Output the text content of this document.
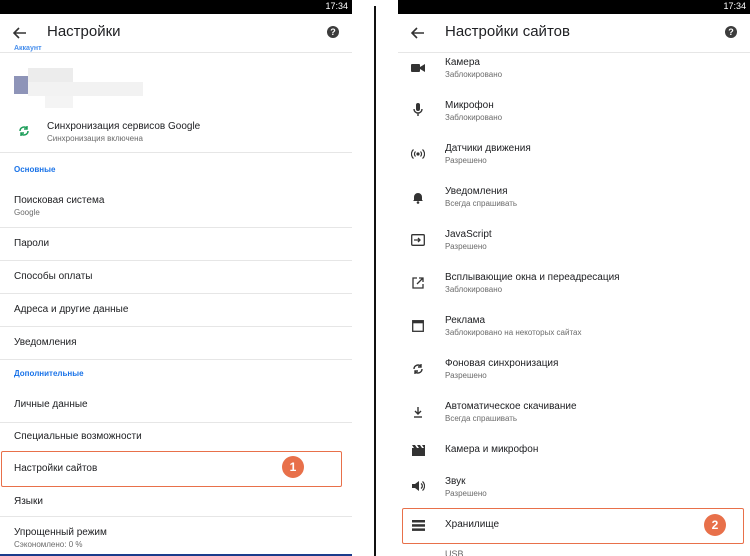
17:34
Настройки	?
Аккаунт
Синхронизация сервисов Google
Синхронизация включена
Основные
Поисковая система
Google
Пароли
Способы оплаты
Адреса и другие данные
Уведомления
Дополнительные
Личные данные
Специальные возможности
Настройки сайтов	1
Языки
Упрощенный режим
Сэкономлено: 0 %
17:34
Настройки сайтов	?
Камера
Заблокировано
Микрофон
Заблокировано
Датчики движения
Разрешено
Уведомления
Всегда спрашивать
JavaScript
Разрешено
Всплывающие окна и переадресация
Заблокировано
Реклама
Заблокировано на некоторых сайтах
Фоновая синхронизация
Разрешено
Автоматическое скачивание
Всегда спрашивать
Камера и микрофон
Звук
Разрешено
Хранилище	2
USB
